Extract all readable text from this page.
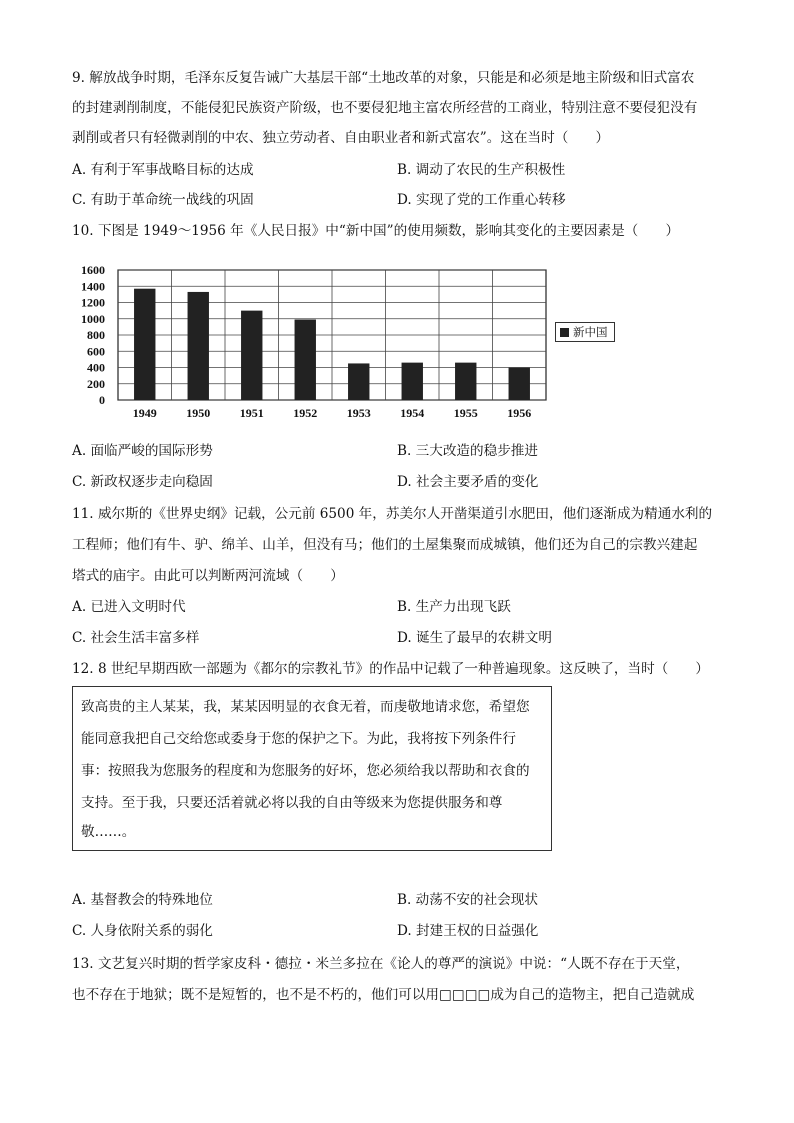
9. 解放战争时期，毛泽东反复告诫广大基层干部“土地改革的对象，只能是和必须是地主阶级和旧式富农
的封建剥削制度，不能侵犯民族资产阶级，也不要侵犯地主富农所经营的工商业，特别注意不要侵犯没有
剥削或者只有轻微剥削的中农、独立劳动者、自由职业者和新式富农”。这在当时（　　）
A. 有利于军事战略目标的达成	B. 调动了农民的生产积极性
C. 有助于革命统一战线的巩固	D. 实现了党的工作重心转移
10. 下图是 1949～1956 年《人民日报》中“新中国”的使用频数，影响其变化的主要因素是（　　）
0
200
400
600
800
1000
1200
1400
1600
1949 1950 1951 1952 1953 1954 1955 1956
新中国
A. 面临严峻的国际形势	B. 三大改造的稳步推进
C. 新政权逐步走向稳固	D. 社会主要矛盾的变化
11. 威尔斯的《世界史纲》记载，公元前 6500 年，苏美尔人开凿渠道引水肥田，他们逐渐成为精通水利的
工程师；他们有牛、驴、绵羊、山羊，但没有马；他们的土屋集聚而成城镇，他们还为自己的宗教兴建起
塔式的庙宇。由此可以判断两河流域（　　）
A. 已进入文明时代	B. 生产力出现飞跃
C. 社会生活丰富多样	D. 诞生了最早的农耕文明
12. 8 世纪早期西欧一部题为《都尔的宗教礼节》的作品中记载了一种普遍现象。这反映了，当时（　　）
致高贵的主人某某，我，某某因明显的衣食无着，而虔敬地请求您，希望您
能同意我把自己交给您或委身于您的保护之下。为此，我将按下列条件行
事：按照我为您服务的程度和为您服务的好坏，您必须给我以帮助和衣食的
支持。至于我，只要还活着就必将以我的自由等级来为您提供服务和尊
敬……。
A. 基督教会的特殊地位	B. 动荡不安的社会现状
C. 人身依附关系的弱化	D. 封建王权的日益强化
13. 文艺复兴时期的哲学家皮科・德拉・米兰多拉在《论人的尊严的演说》中说：“人既不存在于天堂，
也不存在于地狱；既不是短暂的，也不是不朽的，他们可以用□□□□成为自己的造物主，把自己造就成
